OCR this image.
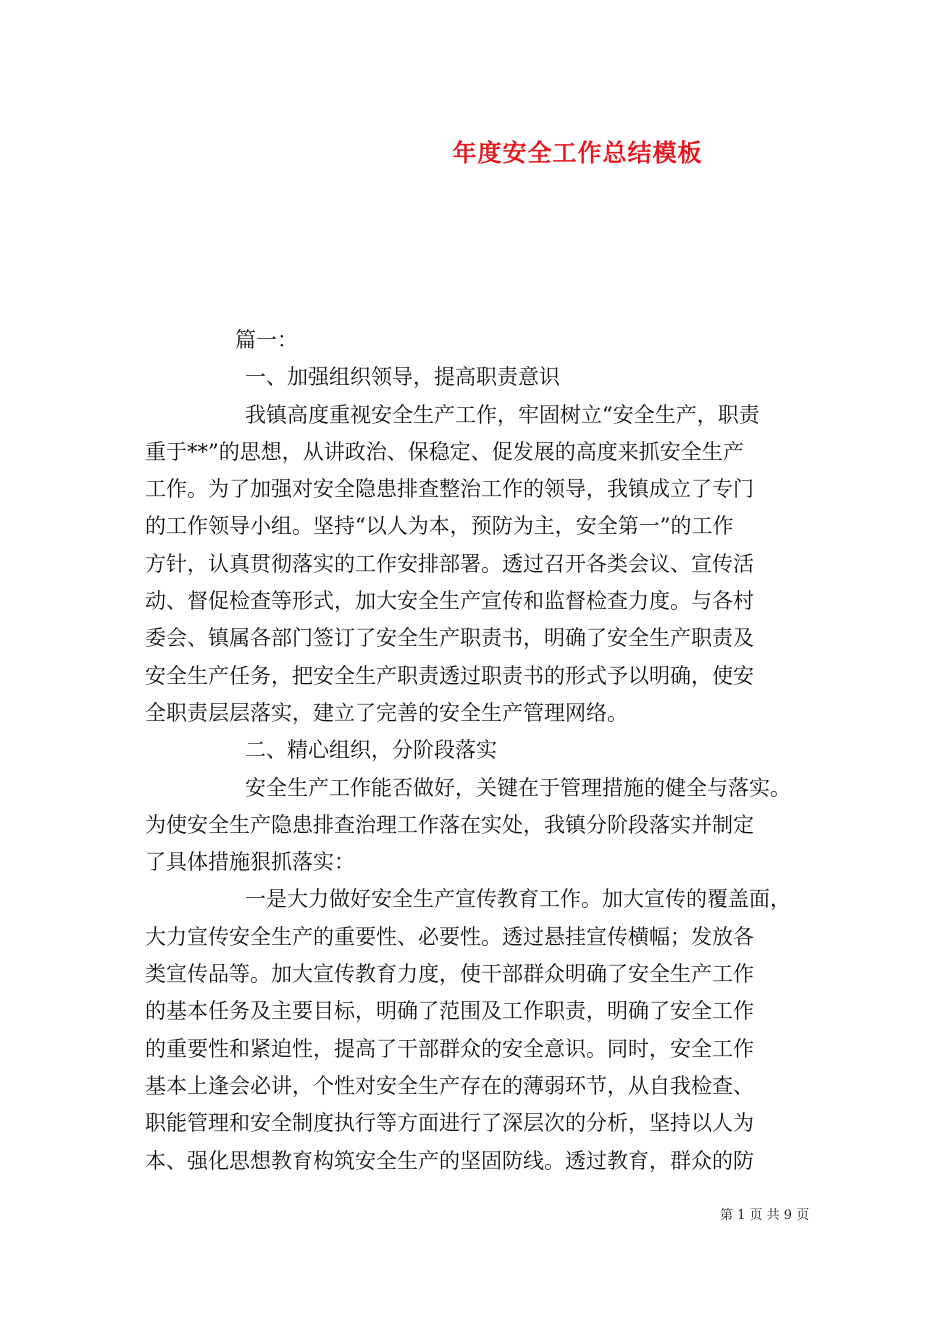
年度安全工作总结模板
篇一：
一、加强组织领导，提高职责意识
我镇高度重视安全生产工作，牢固树立“安全生产，职责
重于**”的思想，从讲政治、保稳定、促发展的高度来抓安全生产
工作。为了加强对安全隐患排查整治工作的领导，我镇成立了专门
的工作领导小组。坚持“以人为本，预防为主，安全第一”的工作
方针，认真贯彻落实的工作安排部署。透过召开各类会议、宣传活
动、督促检查等形式，加大安全生产宣传和监督检查力度。与各村
委会、镇属各部门签订了安全生产职责书，明确了安全生产职责及
安全生产任务，把安全生产职责透过职责书的形式予以明确，使安
全职责层层落实，建立了完善的安全生产管理网络。
二、精心组织，分阶段落实
安全生产工作能否做好，关键在于管理措施的健全与落实。
为使安全生产隐患排查治理工作落在实处，我镇分阶段落实并制定
了具体措施狠抓落实：
一是大力做好安全生产宣传教育工作。加大宣传的覆盖面，
大力宣传安全生产的重要性、必要性。透过悬挂宣传横幅；发放各
类宣传品等。加大宣传教育力度，使干部群众明确了安全生产工作
的基本任务及主要目标，明确了范围及工作职责，明确了安全工作
的重要性和紧迫性，提高了干部群众的安全意识。同时，安全工作
基本上逢会必讲，个性对安全生产存在的薄弱环节，从自我检查、
职能管理和安全制度执行等方面进行了深层次的分析，坚持以人为
本、强化思想教育构筑安全生产的坚固防线。透过教育，群众的防
第 1 页 共 9 页
